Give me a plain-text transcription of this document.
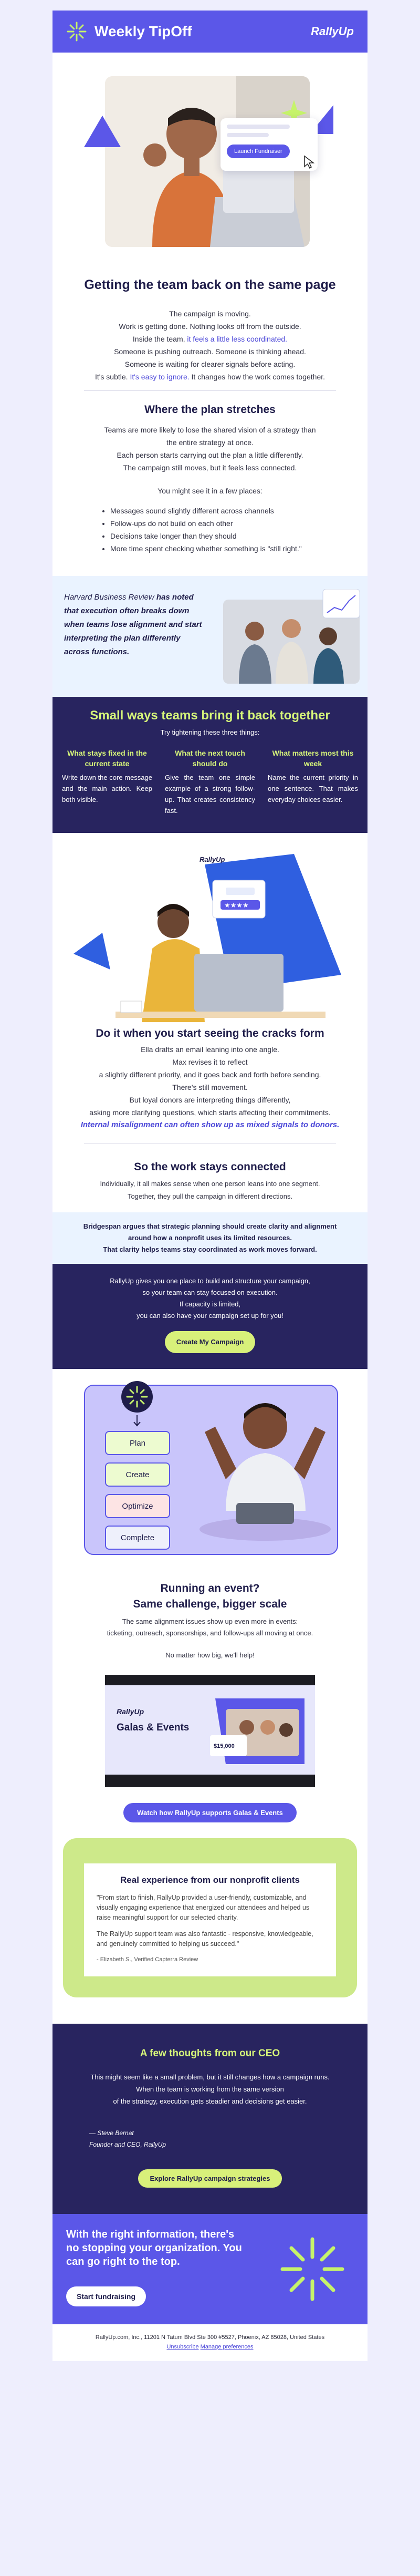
Weekly TipOff	RallyUp
Launch Fundraiser
Getting the team back on the same page
The campaign is moving.
Work is getting done. Nothing looks off from the outside.
Inside the team, it feels a little less coordinated.
Someone is pushing outreach. Someone is thinking ahead.
Someone is waiting for clearer signals before acting.
It's subtle. It's easy to ignore. It changes how the work comes together.
Where the plan stretches
Teams are more likely to lose the shared vision of a strategy than
the entire strategy at once.
Each person starts carrying out the plan a little differently.
The campaign still moves, but it feels less connected.
You might see it in a few places:
• Messages sound slightly different across channels
• Follow-ups do not build on each other
• Decisions take longer than they should
• More time spent checking whether something is "still right."
Harvard Business Review has noted that execution often breaks down when teams lose alignment and start interpreting the plan differently across functions.
Small ways teams bring it back together
Try tightening these three things:
What stays fixed in the current state
Write down the core message and the main action. Keep both visible.
What the next touch should do
Give the team one simple example of a strong follow-up. That creates consistency fast.
What matters most this week
Name the current priority in one sentence. That makes everyday choices easier.
★★★★
RallyUp
Do it when you start seeing the cracks form
Ella drafts an email leaning into one angle.
Max revises it to reflect
a slightly different priority, and it goes back and forth before sending.
There's still movement.
But loyal donors are interpreting things differently,
asking more clarifying questions, which starts affecting their commitments.
Internal misalignment can often show up as mixed signals to donors.
So the work stays connected
Individually, it all makes sense when one person leans into one segment.
Together, they pull the campaign in different directions.
Bridgespan argues that strategic planning should create clarity and alignment
around how a nonprofit uses its limited resources.
That clarity helps teams stay coordinated as work moves forward.
RallyUp gives you one place to build and structure your campaign,
so your team can stay focused on execution.
If capacity is limited,
you can also have your campaign set up for you!
Create My Campaign
Plan
Create
Optimize
Complete
Running an event?
Same challenge, bigger scale
The same alignment issues show up even more in events:
ticketing, outreach, sponsorships, and follow-ups all moving at once.
No matter how big, we'll help!
RallyUp
Galas & Events
$15,000
Watch how RallyUp supports Galas & Events
Real experience from our nonprofit clients
"From start to finish, RallyUp provided a user-friendly, customizable, and visually engaging experience that energized our attendees and helped us raise meaningful support for our selected charity.
The RallyUp support team was also fantastic - responsive, knowledgeable, and genuinely committed to helping us succeed."
- Elizabeth S., Verified Capterra Review
A few thoughts from our CEO
This might seem like a small problem, but it still changes how a campaign runs.
When the team is working from the same version
of the strategy, execution gets steadier and decisions get easier.
— Steve Bernat
Founder and CEO, RallyUp
Explore RallyUp campaign strategies
With the right information, there's
no stopping your organization. You
can go right to the top.
Start fundraising
RallyUp.com, Inc., 11201 N Tatum Blvd Ste 300 #5527, Phoenix, AZ 85028, United States
Unsubscribe Manage preferences
